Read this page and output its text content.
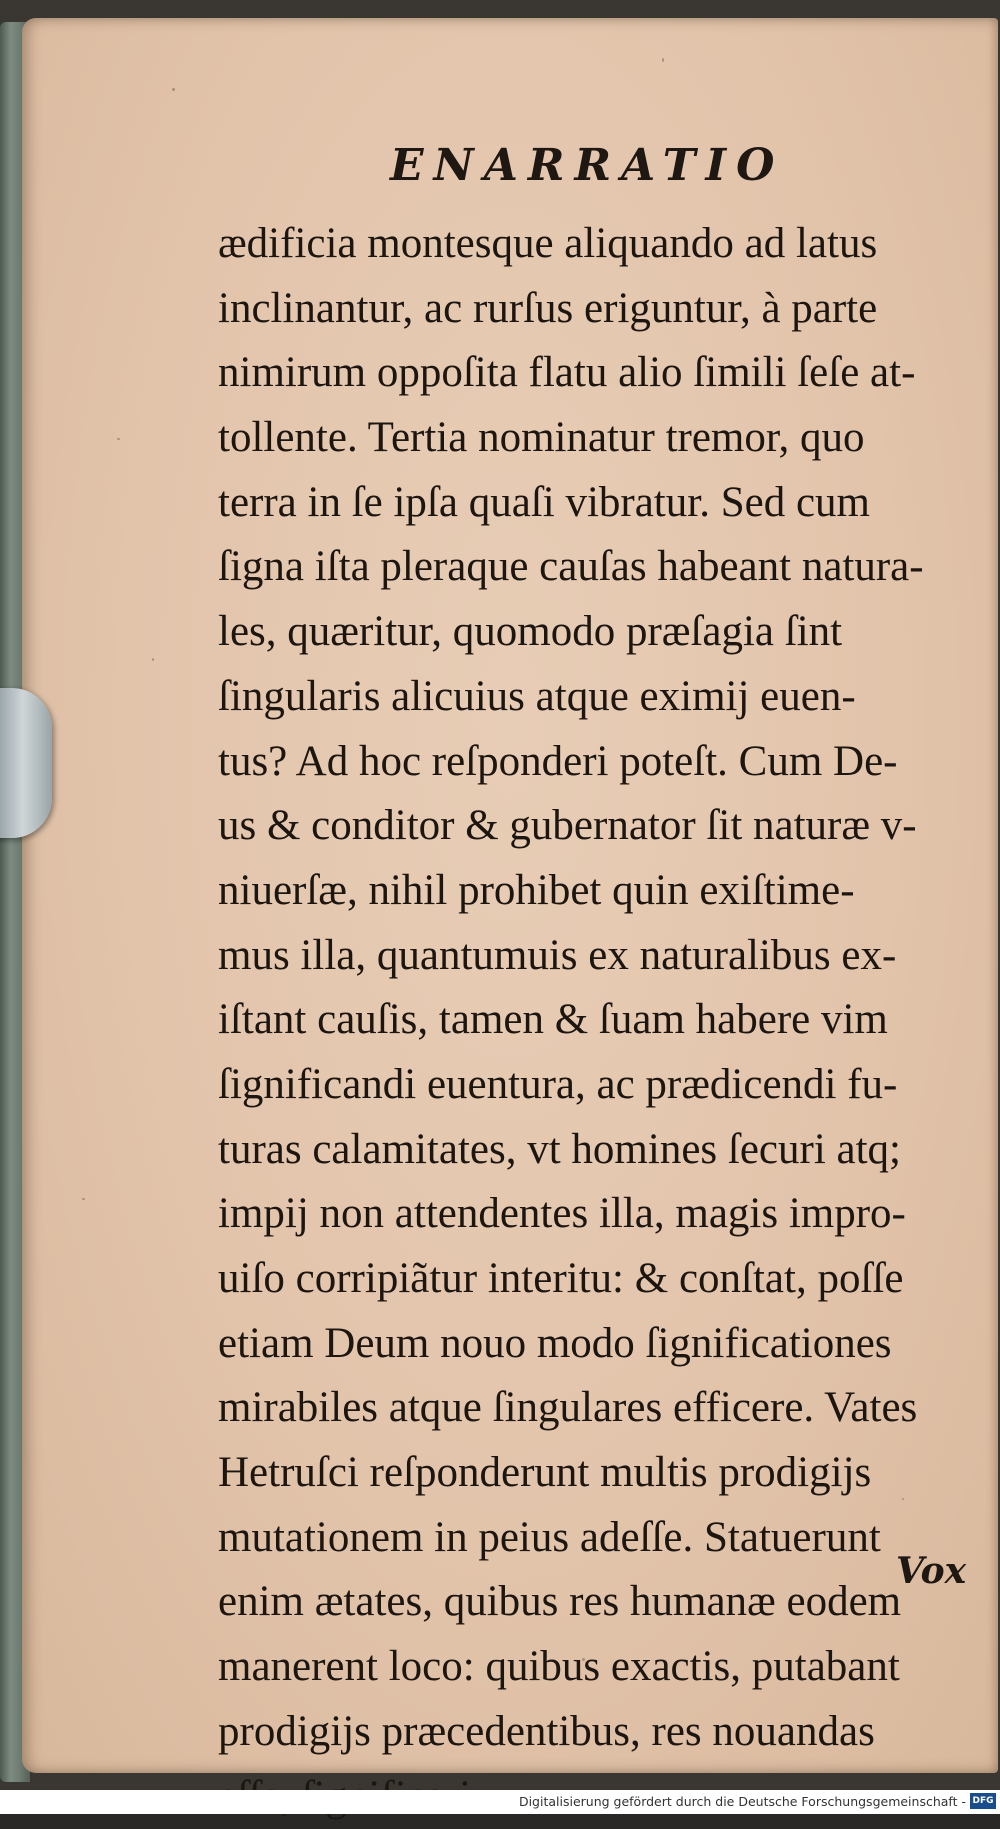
ENARRATIO
ædificia montesque aliquando ad latus
inclinantur, ac rurſus eriguntur, à parte
nimirum oppoſita flatu alio ſimili ſeſe at-
tollente. Tertia nominatur tremor, quo
terra in ſe ipſa quaſi vibratur. Sed cum
ſigna iſta pleraque cauſas habeant natura-
les, quæritur, quomodo præſagia ſint
ſingularis alicuius atque eximij euen-
tus? Ad hoc reſponderi poteſt. Cum De-
us & conditor & gubernator ſit naturæ v-
niuerſæ, nihil prohibet quin exiſtime-
mus illa, quantumuis ex naturalibus ex-
iſtant cauſis, tamen & ſuam habere vim
ſignificandi euentura, ac prædicendi fu-
turas calamitates, vt homines ſecuri atq;
impij non attendentes illa, magis impro-
uiſo corripiãtur interitu: & conſtat, poſſe
etiam Deum nouo modo ſignificationes
mirabiles atque ſingulares efficere. Vates
Hetruſci reſponderunt multis prodigijs
mutationem in peius adeſſe. Statuerunt
enim ætates, quibus res humanæ eodem
manerent loco: quibus exactis, putabant
prodigijs præcedentibus, res nouandas
Vox
Digitalisierung gefördert durch die Deutsche Forschungsgemeinschaft - DFG
